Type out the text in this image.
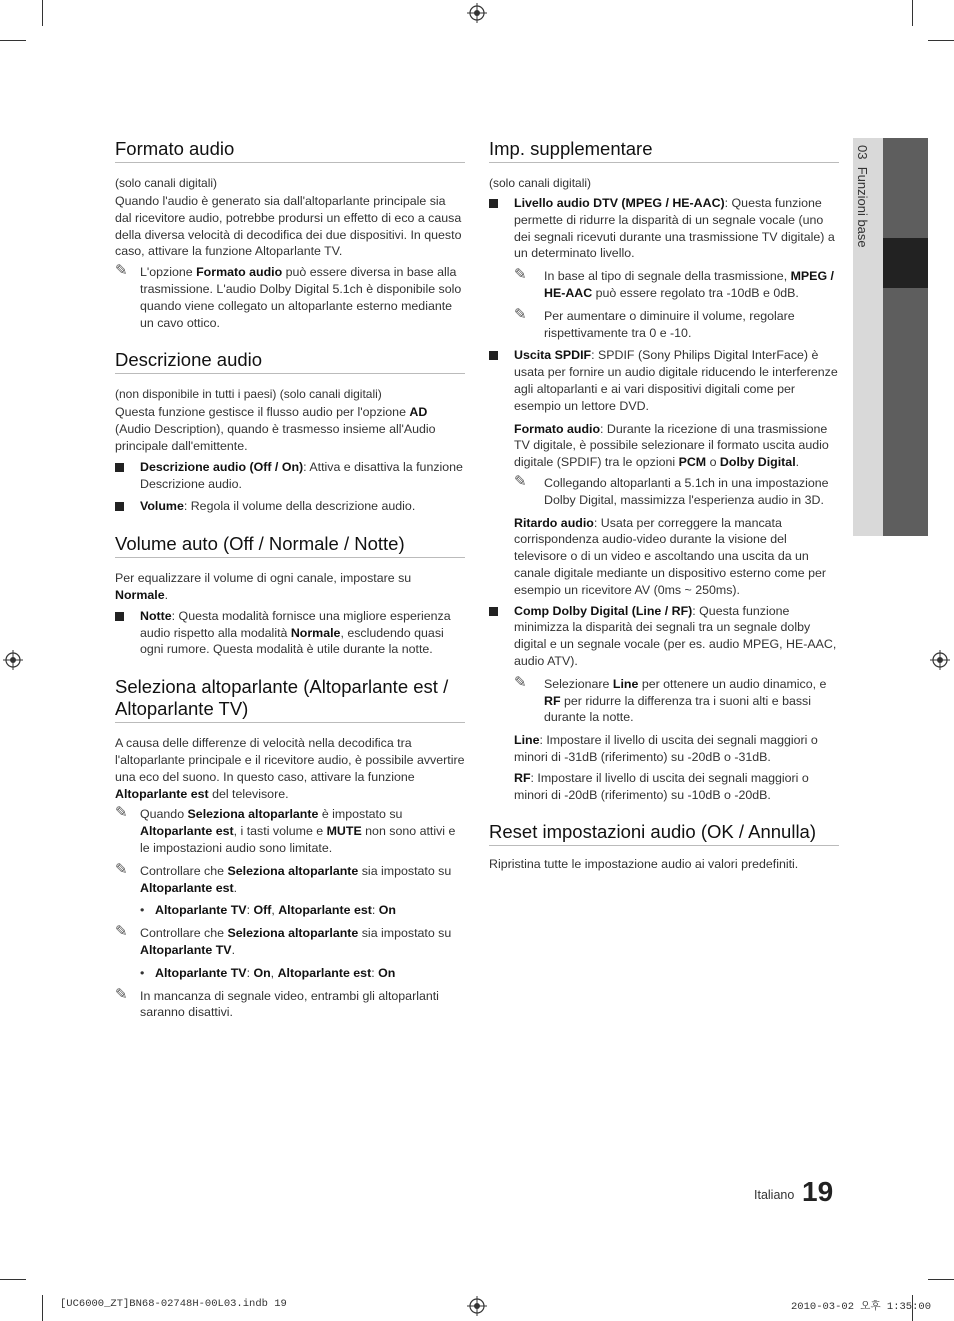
03  Funzioni base
Formato audio
(solo canali digitali)

Quando l'audio è generato sia dall'altoparlante principale sia dal ricevitore audio, potrebbe prodursi un effetto di eco a causa della diversa velocità di decodifica dei due dispositivi. In questo caso, attivare la funzione Altoparlante TV.

✎ L'opzione Formato audio può essere diversa in base alla trasmissione. L'audio Dolby Digital 5.1ch è disponibile solo quando viene collegato un altoparlante esterno mediante un cavo ottico.
Descrizione audio
(non disponibile in tutti i paesi) (solo canali digitali)

Questa funzione gestisce il flusso audio per l'opzione AD (Audio Description), quando è trasmesso insieme all'Audio principale dall'emittente.

Descrizione audio (Off / On): Attiva e disattiva la funzione Descrizione audio.
Volume: Regola il volume della descrizione audio.
Volume auto (Off / Normale / Notte)

Per equalizzare il volume di ogni canale, impostare su Normale.

Notte: Questa modalità fornisce una migliore esperienza audio rispetto alla modalità Normale, escludendo quasi ogni rumore. Questa modalità è utile durante la notte.
Seleziona altoparlante (Altoparlante est / Altoparlante TV)

A causa delle differenze di velocità nella decodifica tra l'altoparlante principale e il ricevitore audio, è possibile avvertire una eco del suono. In questo caso, attivare la funzione Altoparlante est del televisore.

✎ Quando Seleziona altoparlante è impostato su Altoparlante est, i tasti volume e MUTE non sono attivi e le impostazioni audio sono limitate.
✎ Controllare che Seleziona altoparlante sia impostato su Altoparlante est.
• Altoparlante TV: Off, Altoparlante est: On
✎ Controllare che Seleziona altoparlante sia impostato su Altoparlante TV.
• Altoparlante TV: On, Altoparlante est: On
✎ In mancanza di segnale video, entrambi gli altoparlanti saranno disattivi.
Imp. supplementare
(solo canali digitali)
Livello audio DTV (MPEG / HE-AAC): Questa funzione permette di ridurre la disparità di un segnale vocale (uno dei segnali ricevuti durante una trasmissione TV digitale) a un determinato livello.
✎ In base al tipo di segnale della trasmissione, MPEG / HE-AAC può essere regolato tra -10dB e 0dB.
✎ Per aumentare o diminuire il volume, regolare rispettivamente tra 0 e -10.
Uscita SPDIF: SPDIF (Sony Philips Digital InterFace) è usata per fornire un audio digitale riducendo le interferenze agli altoparlanti e ai vari dispositivi digitali come per esempio un lettore DVD.

Formato audio: Durante la ricezione di una trasmissione TV digitale, è possibile selezionare il formato uscita audio digitale (SPDIF) tra le opzioni PCM o Dolby Digital.

✎ Collegando altoparlanti a 5.1ch in una impostazione Dolby Digital, massimizza l'esperienza audio in 3D.

Ritardo audio: Usata per correggere la mancata corrispondenza audio-video durante la visione del televisore o di un video e ascoltando una uscita da un canale digitale mediante un dispositivo esterno come per esempio un ricevitore AV (0ms ~ 250ms).

Comp Dolby Digital (Line / RF): Questa funzione minimizza la disparità dei segnali tra un segnale dolby digital e un segnale vocale (per es. audio MPEG, HE-AAC, audio ATV).
✎ Selezionare Line per ottenere un audio dinamico, e RF per ridurre la differenza tra i suoni alti e bassi durante la notte.

Line: Impostare il livello di uscita dei segnali maggiori o minori di -31dB (riferimento) su -20dB o -31dB.

RF: Impostare il livello di uscita dei segnali maggiori o minori di -20dB (riferimento) su -10dB o -20dB.

Reset impostazioni audio (OK / Annulla)

Ripristina tutte le impostazione audio ai valori predefiniti.

Italiano 19
[UC6000_ZT]BN68-02748H-00L03.indb 19	2010-03-02 오후 1:35:00
